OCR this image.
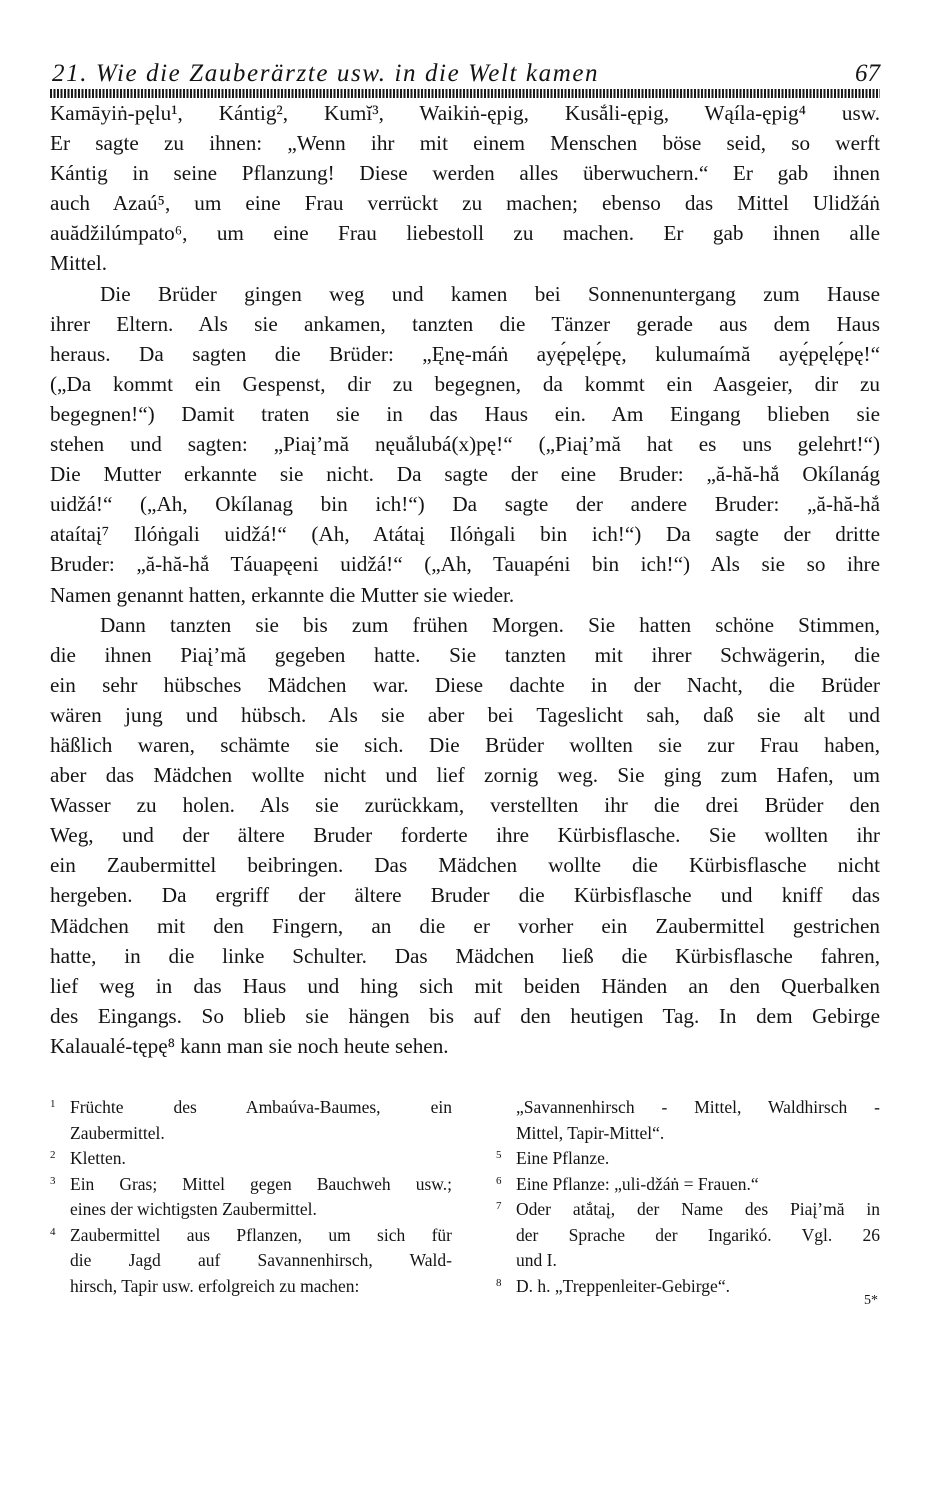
21. Wie die Zauberärzte usw. in die Welt kamen	67

Kamāyiṅ-pęlu¹, Kántig², Kumĭ³, Waikiṅ-ępig, Kusắli-ępig, Wąíla-ępig⁴ usw.
Er sagte zu ihnen: „Wenn ihr mit einem Menschen böse seid, so werft
Kántig in seine Pflanzung! Diese werden alles überwuchern.“ Er gab ihnen
auch Azaú⁵, um eine Frau verrückt zu machen; ebenso das Mittel Ulidžáṅ
auădžilúmpato⁶, um eine Frau liebestoll zu machen. Er gab ihnen alle
Mittel.

Die Brüder gingen weg und kamen bei Sonnenuntergang zum Hause
ihrer Eltern. Als sie ankamen, tanzten die Tänzer gerade aus dem Haus
heraus. Da sagten die Brüder: „Ęnę-máṅ ayę́pęlę́pę, kulumaímă ayę́pęlę́pę!“
(„Da kommt ein Gespenst, dir zu begegnen, da kommt ein Aasgeier, dir zu
begegnen!“) Damit traten sie in das Haus ein. Am Eingang blieben sie
stehen und sagten: „Piaį’mă nęuắlubá(x)pę!“ („Piaį’mă hat es uns gelehrt!“)
Die Mutter erkannte sie nicht. Da sagte der eine Bruder: „ă-hă-hắ Okílanág
uidžá!“ („Ah, Okílanag bin ich!“) Da sagte der andere Bruder: „ă-hă-hắ
ataítaį⁷ Ilóṅgali uidžá!“ (Ah, Atátaį Ilóṅgali bin ich!“) Da sagte der dritte
Bruder: „ă-hă-hắ Táuapęeni uidžá!“ („Ah, Tauapéni bin ich!“) Als sie so ihre
Namen genannt hatten, erkannte die Mutter sie wieder.

Dann tanzten sie bis zum frühen Morgen. Sie hatten schöne Stimmen,
die ihnen Piaį’mă gegeben hatte. Sie tanzten mit ihrer Schwägerin, die
ein sehr hübsches Mädchen war. Diese dachte in der Nacht, die Brüder
wären jung und hübsch. Als sie aber bei Tageslicht sah, daß sie alt und
häßlich waren, schämte sie sich. Die Brüder wollten sie zur Frau haben,
aber das Mädchen wollte nicht und lief zornig weg. Sie ging zum Hafen, um
Wasser zu holen. Als sie zurückkam, verstellten ihr die drei Brüder den
Weg, und der ältere Bruder forderte ihre Kürbisflasche. Sie wollten ihr
ein Zaubermittel beibringen. Das Mädchen wollte die Kürbisflasche nicht
hergeben. Da ergriff der ältere Bruder die Kürbisflasche und kniff das
Mädchen mit den Fingern, an die er vorher ein Zaubermittel gestrichen
hatte, in die linke Schulter. Das Mädchen ließ die Kürbisflasche fahren,
lief weg in das Haus und hing sich mit beiden Händen an den Querbalken
des Eingangs. So blieb sie hängen bis auf den heutigen Tag. In dem Gebirge
Kalaualé-tępę⁸ kann man sie noch heute sehen.

1 Früchte des Ambaúva-Baumes, ein
Zaubermittel.
2 Kletten.
3 Ein Gras; Mittel gegen Bauchweh usw.;
eines der wichtigsten Zaubermittel.
4 Zaubermittel aus Pflanzen, um sich für
die Jagd auf Savannenhirsch, Wald-
hirsch, Tapir usw. erfolgreich zu machen:
„Savannenhirsch - Mittel, Waldhirsch -
Mittel, Tapir-Mittel“.
5 Eine Pflanze.
6 Eine Pflanze: „uli-džáṅ = Frauen.“
7 Oder atắtaį, der Name des Piaį’mă in
der Sprache der Ingarikó. Vgl. 26
und I.
8 D. h. „Treppenleiter-Gebirge“.
5*
